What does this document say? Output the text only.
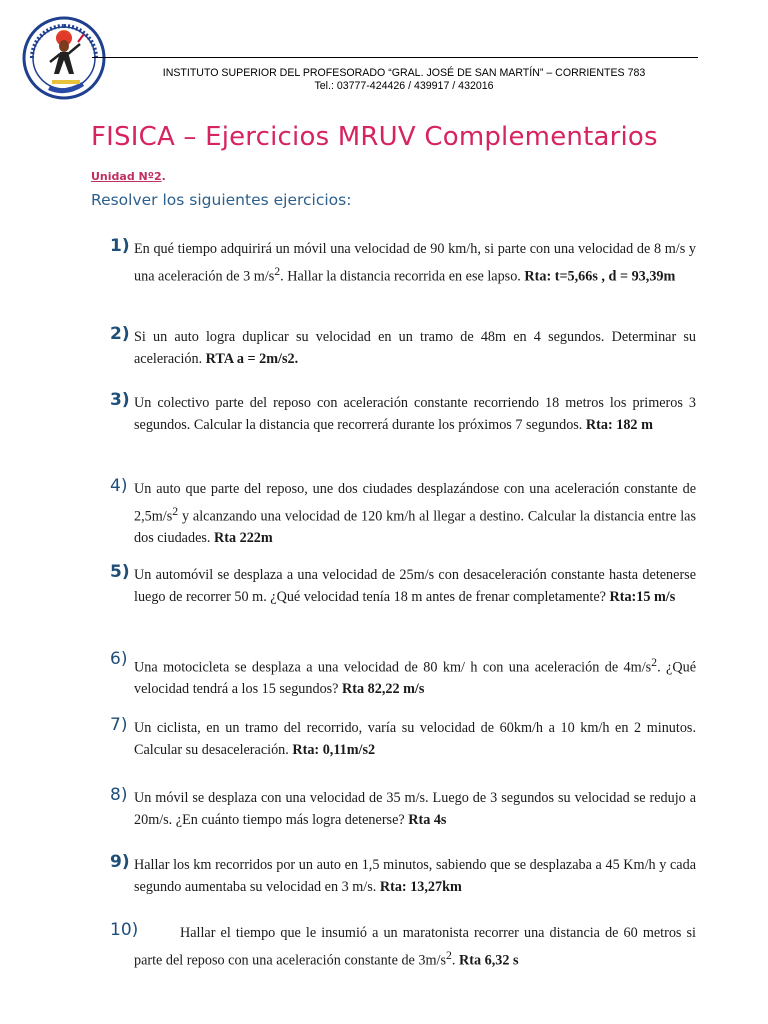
INSTITUTO SUPERIOR DEL PROFESORADO “GRAL. JOSÉ DE SAN MARTÍN” – CORRIENTES 783
Tel.: 03777-424426 / 439917 / 432016
FISICA – Ejercicios MRUV Complementarios
Unidad Nº2.
Resolver los siguientes ejercicios:
1) En qué tiempo adquirirá un móvil una velocidad de 90 km/h, si parte con una velocidad de 8 m/s y una aceleración de 3 $m/s^2$. Hallar la distancia recorrida en ese lapso. Rta: t=5,66s , d = 93,39m

2) Si un auto logra duplicar su velocidad en un tramo de 48m en 4 segundos. Determinar su aceleración. RTA a = 2m/s2.

3) Un colectivo parte del reposo con aceleración constante recorriendo 18 metros los primeros 3 segundos. Calcular la distancia que recorrerá durante los próximos 7 segundos. Rta: 182 m

4) Un auto que parte del reposo, une dos ciudades desplazándose con una aceleración constante de $2,5m/s^2$ y alcanzando una velocidad de 120 km/h al llegar a destino. Calcular la distancia entre las dos ciudades. Rta 222m

5) Un automóvil se desplaza a una velocidad de 25m/s con desaceleración constante hasta detenerse luego de recorrer 50 m. ¿Qué velocidad tenía 18 m antes de frenar completamente? Rta:15 m/s

6) Una motocicleta se desplaza a una velocidad de 80 km/ h con una aceleración de $4m/s^2$. ¿Qué velocidad tendrá a los 15 segundos? Rta 82,22 m/s

7) Un ciclista, en un tramo del recorrido, varía su velocidad de 60km/h a 10 km/h en 2 minutos. Calcular su desaceleración. Rta: 0,11m/s2

8) Un móvil se desplaza con una velocidad de 35 m/s. Luego de 3 segundos su velocidad se redujo a 20m/s. ¿En cuánto tiempo más logra detenerse? Rta 4s

9) Hallar los km recorridos por un auto en 1,5 minutos, sabiendo que se desplazaba a 45 Km/h y cada segundo aumentaba su velocidad en 3 m/s. Rta: 13,27km

10)	Hallar el tiempo que le insumió a un maratonista recorrer una distancia de 60 metros si parte del reposo con una aceleración constante de $3m/s^2$. Rta 6,32 s
